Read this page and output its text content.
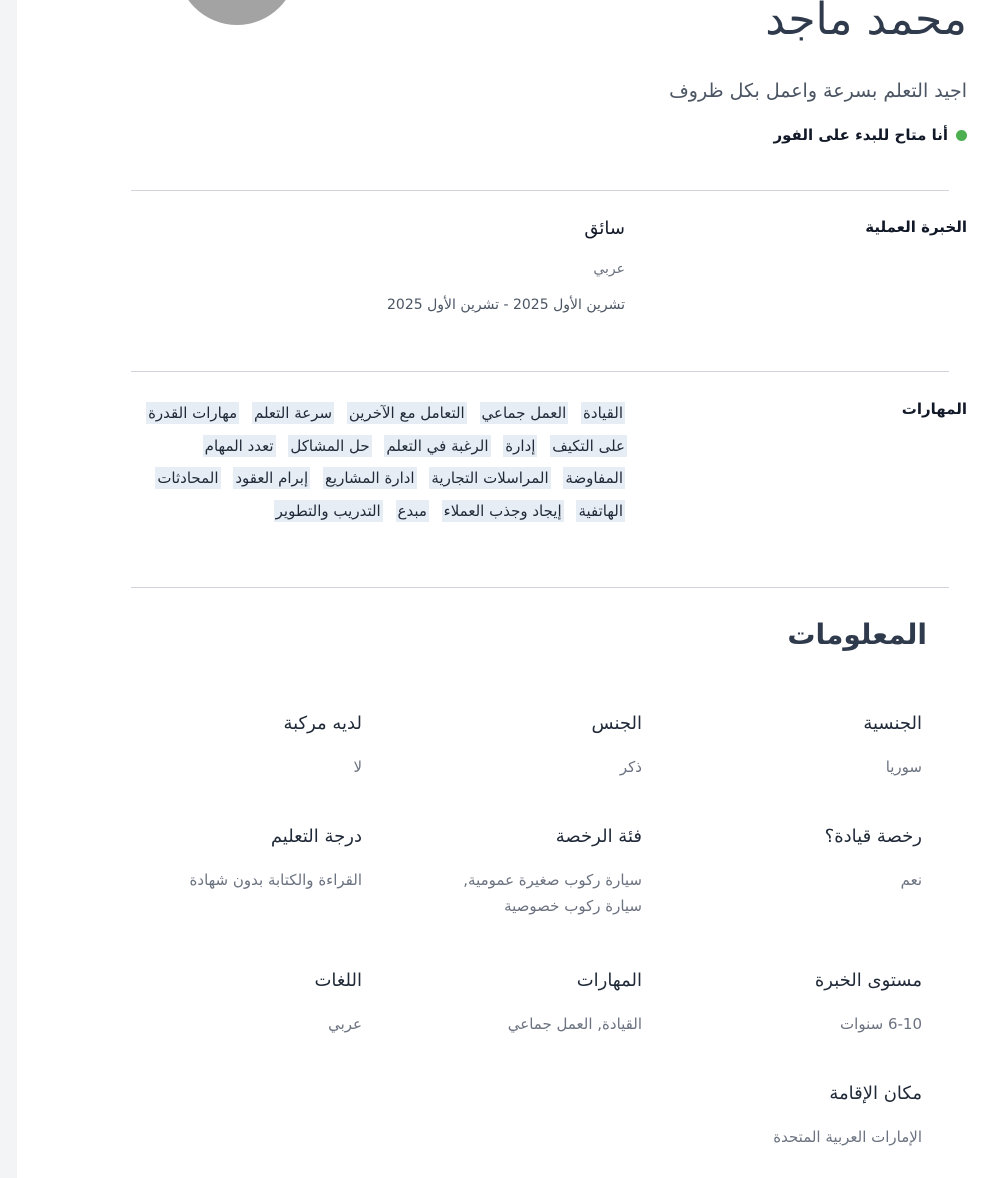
محمد ماجد
اجيد التعلم بسرعة واعمل بكل ظروف
أنا متاح للبدء على الفور
الخبرة العملية

سائق

عربي

تشرين الأول 2025 - تشرين الأول 2025

المهارات
القيادة العمل جماعي التعامل مع الآخرين سرعة التعلم مهارات القدرة على التكيف إدارة الرغبة في التعلم حل المشاكل تعدد المهام المفاوضة المراسلات التجارية ادارة المشاريع إبرام العقود المحادثات الهاتفية إيجاد وجذب العملاء مبدع التدريب والتطوير
المعلومات
الجنسية
سوريا
الجنس
ذكر
لديه مركبة
لا
رخصة قيادة؟
نعم
فئة الرخصة
سيارة ركوب صغيرة عمومية, سيارة ركوب خصوصية
درجة التعليم
القراءة والكتابة بدون شهادة
مستوى الخبرة
6-10 سنوات
المهارات
القيادة, العمل جماعي
اللغات
عربي
مكان الإقامة
الإمارات العربية المتحدة
